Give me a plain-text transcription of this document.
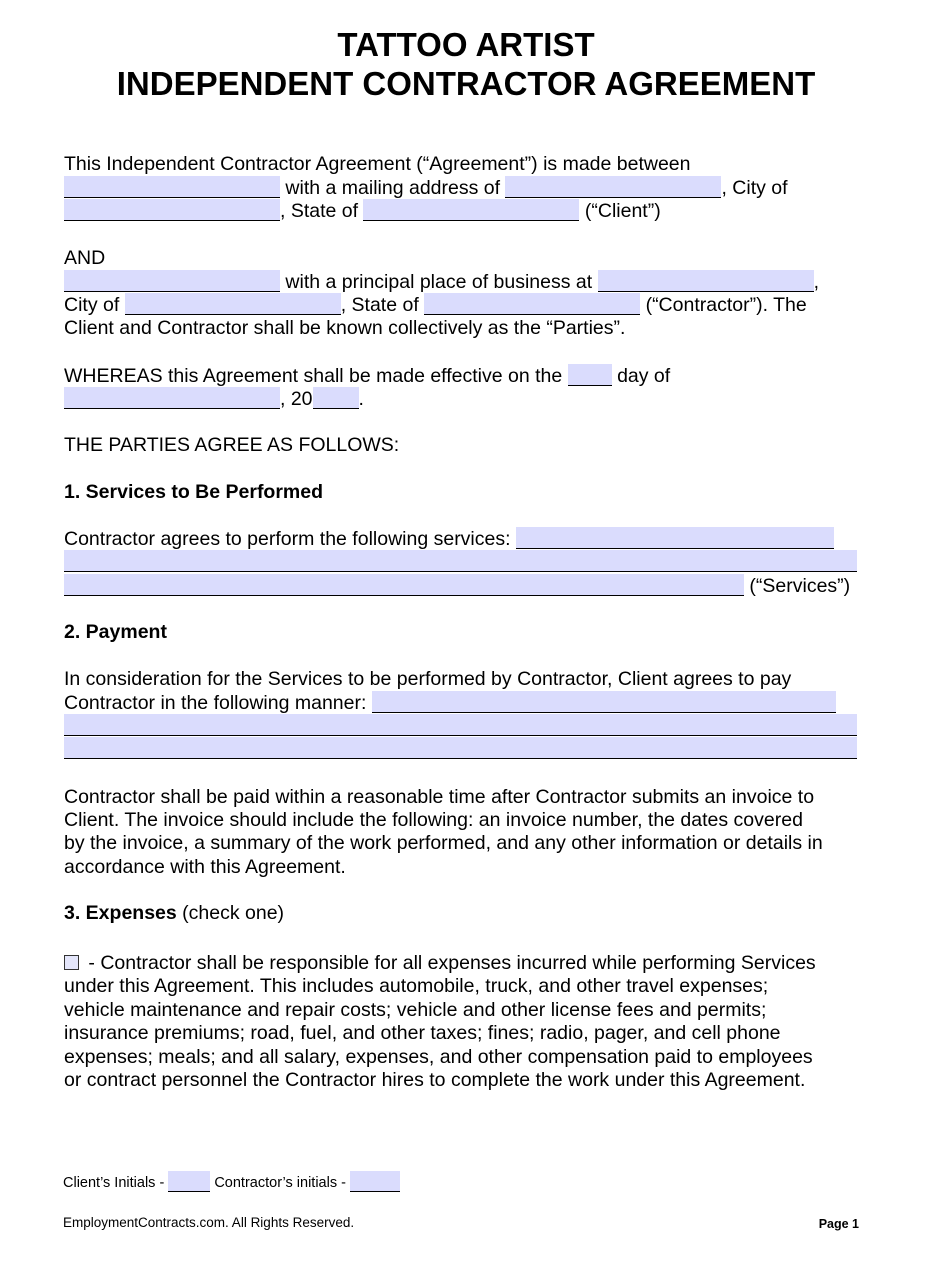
TATTOO ARTIST
INDEPENDENT CONTRACTOR AGREEMENT
This Independent Contractor Agreement (“Agreement”) is made between
with a mailing address of	, City of
, State of	(“Client”)
AND
with a principal place of business at	,
City of	, State of	(“Contractor”). The
Client and Contractor shall be known collectively as the “Parties”.
WHEREAS this Agreement shall be made effective on the  day of
, 20 .
THE PARTIES AGREE AS FOLLOWS:
1. Services to Be Performed
Contractor agrees to perform the following services:
(“Services”)
2. Payment
In consideration for the Services to be performed by Contractor, Client agrees to pay
Contractor in the following manner:
Contractor shall be paid within a reasonable time after Contractor submits an invoice to
Client. The invoice should include the following: an invoice number, the dates covered
by the invoice, a summary of the work performed, and any other information or details in
accordance with this Agreement.
3. Expenses (check one)
- Contractor shall be responsible for all expenses incurred while performing Services
under this Agreement. This includes automobile, truck, and other travel expenses;
vehicle maintenance and repair costs; vehicle and other license fees and permits;
insurance premiums; road, fuel, and other taxes; fines; radio, pager, and cell phone
expenses; meals; and all salary, expenses, and other compensation paid to employees
or contract personnel the Contractor hires to complete the work under this Agreement.
Client’s Initials -	Contractor’s initials -
EmploymentContracts.com. All Rights Reserved.	Page 1
